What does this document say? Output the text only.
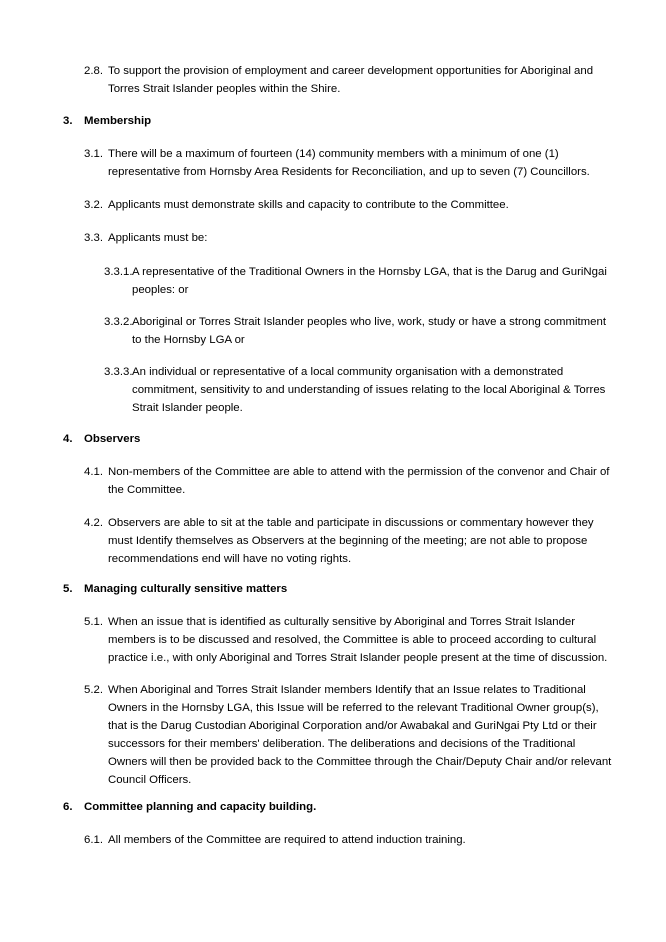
2.8. To support the provision of employment and career development opportunities for Aboriginal and Torres Strait Islander peoples within the Shire.
3. Membership
3.1. There will be a maximum of fourteen (14) community members with a minimum of one (1) representative from Hornsby Area Residents for Reconciliation, and up to seven (7) Councillors.
3.2. Applicants must demonstrate skills and capacity to contribute to the Committee.
3.3. Applicants must be:
3.3.1. A representative of the Traditional Owners in the Hornsby LGA, that is the Darug and GuriNgai peoples: or
3.3.2. Aboriginal or Torres Strait Islander peoples who live, work, study or have a strong commitment to the Hornsby LGA or
3.3.3. An individual or representative of a local community organisation with a demonstrated commitment, sensitivity to and understanding of issues relating to the local Aboriginal & Torres Strait Islander people.
4. Observers
4.1. Non-members of the Committee are able to attend with the permission of the convenor and Chair of the Committee.
4.2. Observers are able to sit at the table and participate in discussions or commentary however they must Identify themselves as Observers at the beginning of the meeting; are not able to propose recommendations end will have no voting rights.
5. Managing culturally sensitive matters
5.1. When an issue that is identified as culturally sensitive by Aboriginal and Torres Strait Islander members is to be discussed and resolved, the Committee is able to proceed according to cultural practice i.e., with only Aboriginal and Torres Strait Islander people present at the time of discussion.
5.2. When Aboriginal and Torres Strait Islander members Identify that an Issue relates to Traditional Owners in the Hornsby LGA, this Issue will be referred to the relevant Traditional Owner group(s), that is the Darug Custodian Aboriginal Corporation and/or Awabakal and GuriNgai Pty Ltd or their successors for their members' deliberation. The deliberations and decisions of the Traditional Owners will then be provided back to the Committee through the Chair/Deputy Chair and/or relevant Council Officers.
6. Committee planning and capacity building.
6.1. All members of the Committee are required to attend induction training.
